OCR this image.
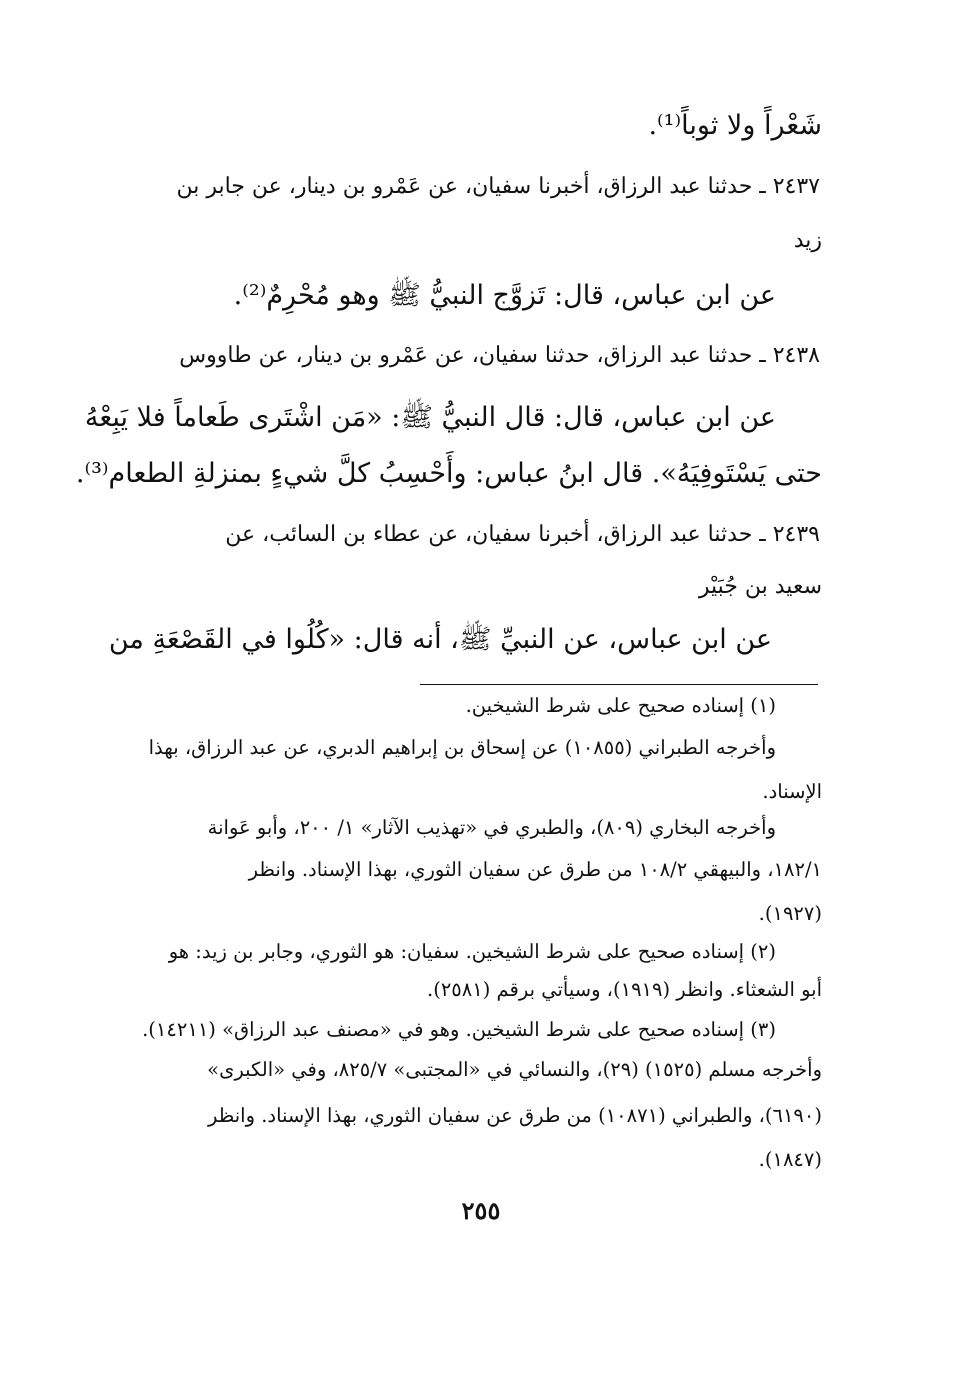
شَعْراً ولا ثوباً⁽¹⁾.
٢٤٣٧ ـ حدثنا عبد الرزاق، أخبرنا سفيان، عن عَمْرو بن دينار، عن جابر بن
زيد
عن ابن عباس، قال: تَزوَّج النبيُّ ﷺ وهو مُحْرِمٌ⁽²⁾.
٢٤٣٨ ـ حدثنا عبد الرزاق، حدثنا سفيان، عن عَمْرو بن دينار، عن طاووس
عن ابن عباس، قال: قال النبيُّ ﷺ: «مَن اشْتَرى طَعاماً فلا يَبِعْهُ
حتى يَسْتَوفِيَهُ». قال ابنُ عباس: وأَحْسِبُ كلَّ شيءٍ بمنزلةِ الطعام⁽³⁾.
٢٤٣٩ ـ حدثنا عبد الرزاق، أخبرنا سفيان، عن عطاء بن السائب، عن
سعيد بن جُبَيْر
عن ابن عباس، عن النبيِّ ﷺ، أنه قال: «كُلُوا في القَصْعَةِ من
(١) إسناده صحيح على شرط الشيخين.
وأخرجه الطبراني (١٠٨٥٥) عن إسحاق بن إبراهيم الدبري، عن عبد الرزاق، بهذا
الإسناد.
وأخرجه البخاري (٨٠٩)، والطبري في «تهذيب الآثار» ١/ ٢٠٠، وأبو عَوانة
١٨٢/١، والبيهقي ١٠٨/٢ من طرق عن سفيان الثوري، بهذا الإسناد. وانظر
(١٩٢٧).
(٢) إسناده صحيح على شرط الشيخين. سفيان: هو الثوري، وجابر بن زيد: هو
أبو الشعثاء. وانظر (١٩١٩)، وسيأتي برقم (٢٥٨١).
(٣) إسناده صحيح على شرط الشيخين. وهو في «مصنف عبد الرزاق» (١٤٢١١).
وأخرجه مسلم (١٥٢٥) (٢٩)، والنسائي في «المجتبى» ٨٢٥/٧، وفي «الكبرى»
(٦١٩٠)، والطبراني (١٠٨٧١) من طرق عن سفيان الثوري، بهذا الإسناد. وانظر
(١٨٤٧).
٢٥٥
